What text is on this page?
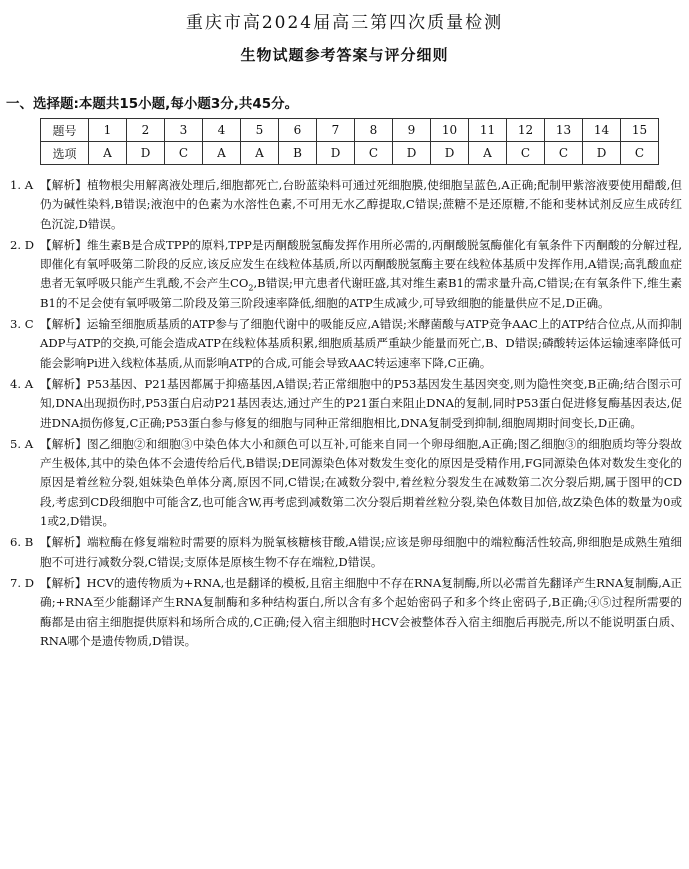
重庆市高2024届高三第四次质量检测
生物试题参考答案与评分细则
一、选择题:本题共15小题,每小题3分,共45分。
题号	1	2	3	4	5	6	7	8	9	10	11	12	13	14	15
选项	A	D	C	A	A	B	D	C	D	D	A	C	C	D	C
1. A 【解析】植物根尖用解离液处理后,细胞都死亡,台盼蓝染料可通过死细胞膜,使细胞呈蓝色,A正确;配制甲紫溶液要使用醋酸,但仍为碱性染料,B错误;液泡中的色素为水溶性色素,不可用无水乙醇提取,C错误;蔗糖不是还原糖,不能和斐林试剂反应生成砖红色沉淀,D错误。
2. D 【解析】维生素B是合成TPP的原料,TPP是丙酮酸脱氢酶发挥作用所必需的,丙酮酸脱氢酶催化有氧条件下丙酮酸的分解过程,即催化有氧呼吸第二阶段的反应,该反应发生在线粒体基质,所以丙酮酸脱氢酶主要在线粒体基质中发挥作用,A错误;高乳酸血症患者无氧呼吸只能产生乳酸,不会产生$CO_2,B$错误;甲亢患者代谢旺盛,其对维生素B1的需求量升高,C错误;在有氧条件下,维生素B1的不足会使有氧呼吸第二阶段及第三阶段速率降低,细胞的ATP生成减少,可导致细胞的能量供应不足,D正确。
3. C 【解析】运输至细胞质基质的ATP参与了细胞代谢中的吸能反应,A错误;米酵菌酸与ATP竞争AAC上的ATP结合位点,从而抑制ADP与ATP的交换,可能会造成ATP在线粒体基质积累,细胞质基质严重缺少能量而死亡,B、D错误;磷酸转运体运输速率降低可能会影响Pi进入线粒体基质,从而影响ATP的合成,可能会导致AAC转运速率下降,C正确。
4. A 【解析】P53基因、P21基因都属于抑癌基因,A错误;若正常细胞中的P53基因发生基因突变,则为隐性突变,B正确;结合图示可知,DNA出现损伤时,P53蛋白启动P21基因表达,通过产生的P21蛋白来阻止DNA的复制,同时P53蛋白促进修复酶基因表达,促进DNA损伤修复,C正确;P53蛋白参与修复的细胞与同种正常细胞相比,DNA复制受到抑制,细胞周期时间变长,D正确。
5. A 【解析】图乙细胞②和细胞③中染色体大小和颜色可以互补,可能来自同一个卵母细胞,A正确;图乙细胞③的细胞质均等分裂故产生极体,其中的染色体不会遗传给后代,B错误;DE同源染色体对数发生变化的原因是受精作用,FG同源染色体对数发生变化的原因是着丝粒分裂,姐妹染色单体分离,原因不同,C错误;在减数分裂中,着丝粒分裂发生在减数第二次分裂后期,属于图甲的CD段,考虑到CD段细胞中可能含Z,也可能含W,再考虑到减数第二次分裂后期着丝粒分裂,染色体数目加倍,故Z染色体的数量为0或1或2,D错误。
6. B 【解析】端粒酶在修复端粒时需要的原料为脱氧核糖核苷酸,A错误;应该是卵母细胞中的端粒酶活性较高,卵细胞是成熟生殖细胞不可进行减数分裂,C错误;支原体是原核生物不存在端粒,D错误。
7. D 【解析】HCV的遗传物质为+RNA,也是翻译的模板,且宿主细胞中不存在RNA复制酶,所以必需首先翻译产生RNA复制酶,A正确;+RNA至少能翻译产生RNA复制酶和多种结构蛋白,所以含有多个起始密码子和多个终止密码子,B正确;④⑤过程所需要的酶都是由宿主细胞提供原料和场所合成的,C正确;侵入宿主细胞时HCV会被整体吞入宿主细胞后再脱壳,所以不能说明蛋白质、RNA哪个是遗传物质,D错误。
